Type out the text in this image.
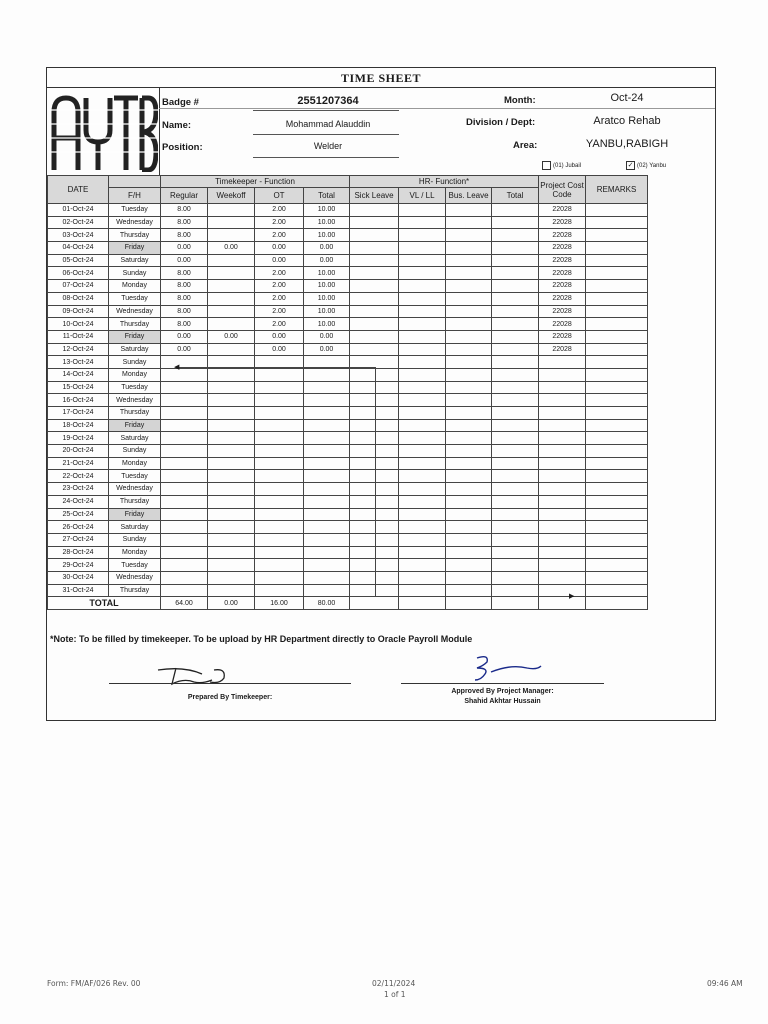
TIME SHEET
Badge #	2551207364
Name:	Mohammad Alauddin
Position:	Welder
Month:	Oct-24
Division / Dept:	Aratco Rehab
Area:	YANBU,RABIGH
(01) Jubail	✓ (02) Yanbu
DATE		Timekeeper - Function				HR- Function*				Project Cost Code	REMARKS
	F/H	Regular	Weekoff	OT	Total	Sick Leave	VL / LL	Bus. Leave	Total		
01-Oct-24	Tuesday	8.00		2.00	10.00					22028	
02-Oct-24	Wednesday	8.00		2.00	10.00					22028	
03-Oct-24	Thursday	8.00		2.00	10.00					22028	
04-Oct-24	Friday	0.00	0.00	0.00	0.00					22028	
05-Oct-24	Saturday	0.00		0.00	0.00					22028	
06-Oct-24	Sunday	8.00		2.00	10.00					22028	
07-Oct-24	Monday	8.00		2.00	10.00					22028	
08-Oct-24	Tuesday	8.00		2.00	10.00					22028	
09-Oct-24	Wednesday	8.00		2.00	10.00					22028	
10-Oct-24	Thursday	8.00		2.00	10.00					22028	
11-Oct-24	Friday	0.00	0.00	0.00	0.00					22028	
12-Oct-24	Saturday	0.00		0.00	0.00					22028	
13-Oct-24	Sunday										
14-Oct-24	Monday										
15-Oct-24	Tuesday										
16-Oct-24	Wednesday										
17-Oct-24	Thursday										
18-Oct-24	Friday										
19-Oct-24	Saturday										
20-Oct-24	Sunday										
21-Oct-24	Monday										
22-Oct-24	Tuesday										
23-Oct-24	Wednesday										
24-Oct-24	Thursday										
25-Oct-24	Friday										
26-Oct-24	Saturday										
27-Oct-24	Sunday										
28-Oct-24	Monday										
29-Oct-24	Tuesday										
30-Oct-24	Wednesday										
31-Oct-24	Thursday										
TOTAL		64.00	0.00	16.00	80.00						
◀
▶
*Note: To be filled by timekeeper. To be upload by HR Department directly to Oracle Payroll Module
Prepared By Timekeeper:
Approved By Project Manager:
Shahid Akhtar Hussain
Form: FM/AF/026 Rev. 00	02/11/2024
1 of 1
09:46 AM
